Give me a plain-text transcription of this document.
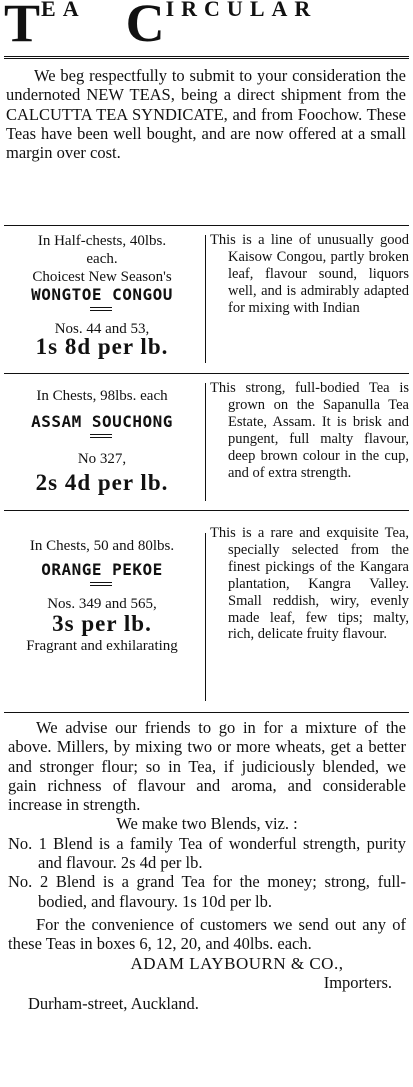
TEA CIRCULAR

We beg respectfully to submit to your consideration the undernoted NEW TEAS, being a direct shipment from the CALCUTTA TEA SYNDICATE, and from Foochow. These Teas have been well bought, and are now offered at a small margin over cost.

In Half-chests, 40lbs.
each.
Choicest New Season's
WONGTOE CONGOU
Nos. 44 and 53,
1s 8d per lb.

This is a line of unusually good Kaisow Congou, partly broken leaf, flavour sound, liquors well, and is admirably adapted for mixing with Indian

In Chests, 98lbs. each
ASSAM SOUCHONG
No 327,
2s 4d per lb.

This strong, full-bodied Tea is grown on the Sapanulla Tea Estate, Assam. It is brisk and pungent, full malty flavour, deep brown colour in the cup, and of extra strength.

In Chests, 50 and 80lbs.
ORANGE PEKOE
Nos. 349 and 565,
3s per lb.
Fragrant and exhilarating

This is a rare and exquisite Tea, specially selected from the finest pickings of the Kangara plantation, Kangra Valley. Small reddish, wiry, evenly made leaf, few tips; malty, rich, delicate fruity flavour.

We advise our friends to go in for a mixture of the above. Millers, by mixing two or more wheats, get a better and stronger flour; so in Tea, if judiciously blended, we gain richness of flavour and aroma, and considerable increase in strength.

We make two Blends, viz. :

No. 1 Blend is a family Tea of wonderful strength, purity and flavour. 2s 4d per lb.

No. 2 Blend is a grand Tea for the money; strong, full-bodied, and flavoury. 1s 10d per lb.

For the convenience of customers we send out any of these Teas in boxes 6, 12, 20, and 40lbs. each.

ADAM LAYBOURN & CO.,

Importers.

Durham-street, Auckland.
